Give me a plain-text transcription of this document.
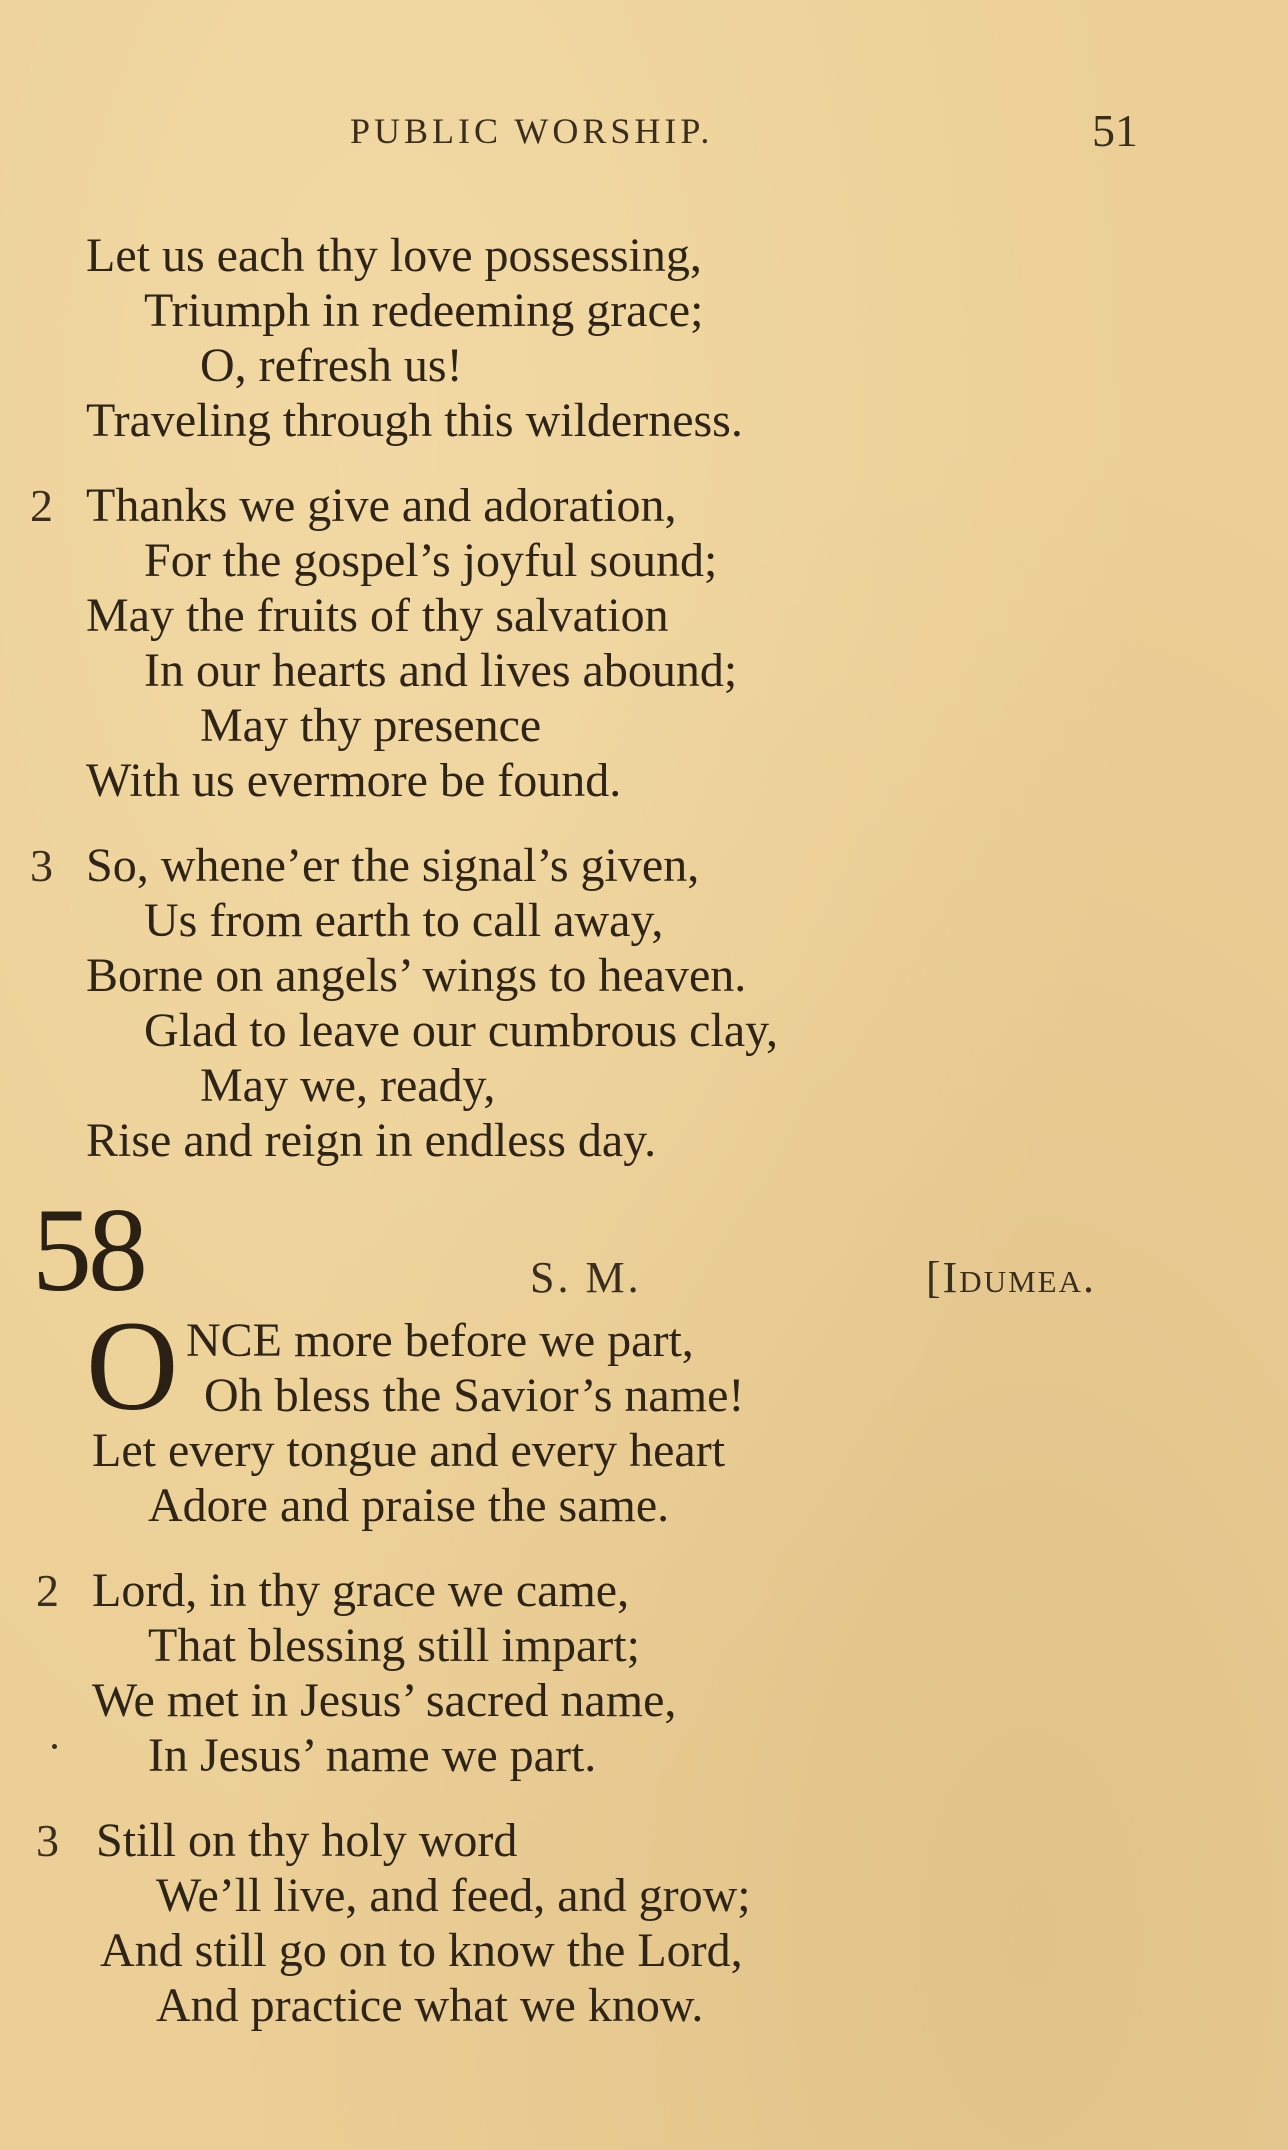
PUBLIC WORSHIP.	51
Let us each thy love possessing,
Triumph in redeeming grace;
O, refresh us!
Traveling through this wilderness.
2 Thanks we give and adoration,
For the gospel’s joyful sound;
May the fruits of thy salvation
In our hearts and lives abound;
May thy presence
With us evermore be found.
3 So, whene’er the signal’s given,
Us from earth to call away,
Borne on angels’ wings to heaven.
Glad to leave our cumbrous clay,
May we, ready,
Rise and reign in endless day.
58	S. M.	[Idumea.
O NCE more before we part,
Oh bless the Savior’s name!
Let every tongue and every heart
Adore and praise the same.
2 Lord, in thy grace we came,
That blessing still impart;
We met in Jesus’ sacred name,
In Jesus’ name we part.
3 Still on thy holy word
We’ll live, and feed, and grow;
And still go on to know the Lord,
And practice what we know.
